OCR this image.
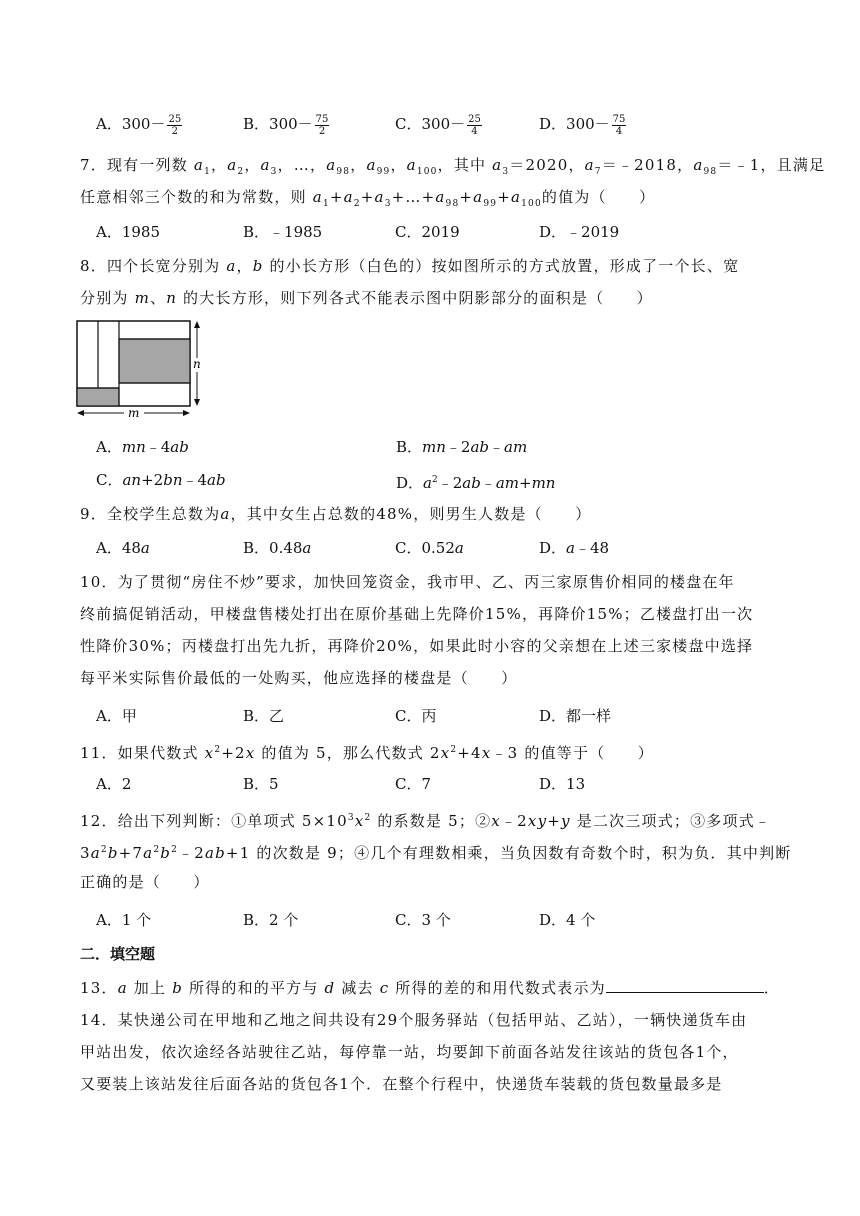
A．$300- \frac{25}{2}$	B．$300- \frac{75}{2}$	C．$300- \frac{25}{4}$	D．$300- \frac{75}{4}$
7．现有一列数 $a_1$，$a_2$，$a_3$，…，$a_{98}$，$a_{99}$，$a_{100}$，其中 $a_3=2020$，$a_7=﹣2018$，$a_{98}=﹣1$，且满足
任意相邻三个数的和为常数，则 $a_1+a_2+a_3+\dots+a_{98}+a_{99}+a_{100}$的值为（　　）
A．1985	B．﹣1985	C．2019	D．﹣2019
8．四个长宽分别为 a，b 的小长方形（白色的）按如图所示的方式放置，形成了一个长、宽
分别为 m、n 的大长方形，则下列各式不能表示图中阴影部分的面积是（　　）
m
n
A．mn﹣4ab	B．mn﹣2ab﹣am
C．an+2bn﹣4ab	D．$a^2﹣2ab﹣am+mn$
9．全校学生总数为a，其中女生占总数的48%，则男生人数是（　　）
A．48a	B．0.48a	C．0.52a	D．a﹣48
10．为了贯彻“房住不炒”要求，加快回笼资金，我市甲、乙、丙三家原售价相同的楼盘在年
终前搞促销活动，甲楼盘售楼处打出在原价基础上先降价15%，再降价15%；乙楼盘打出一次
性降价30%；丙楼盘打出先九折，再降价20%，如果此时小容的父亲想在上述三家楼盘中选择
每平米实际售价最低的一处购买，他应选择的楼盘是（　　）
A．甲	B．乙	C．丙	D．都一样
11．如果代数式 $x^2+2x$ 的值为 5，那么代数式 $2x^2+4x﹣3$ 的值等于（　　）
A．2	B．5	C．7	D．13
12．给出下列判断：①单项式 $5\times 10^3x^2$ 的系数是 5；②x﹣2xy+y 是二次三项式；③多项式﹣
$3a^2b+7a^2b^2﹣2ab+1$ 的次数是 9；④几个有理数相乘，当负因数有奇数个时，积为负．其中判断
正确的是（　　）
A．1 个	B．2 个	C．3 个	D．4 个
二．填空题
13．a 加上 b 所得的和的平方与 d 减去 c 所得的差的和用代数式表示为	．
14．某快递公司在甲地和乙地之间共设有29个服务驿站（包括甲站、乙站），一辆快递货车由
甲站出发，依次途经各站驶往乙站，每停靠一站，均要卸下前面各站发往该站的货包各1个，
又要装上该站发往后面各站的货包各1个．在整个行程中，快递货车装载的货包数量最多是
